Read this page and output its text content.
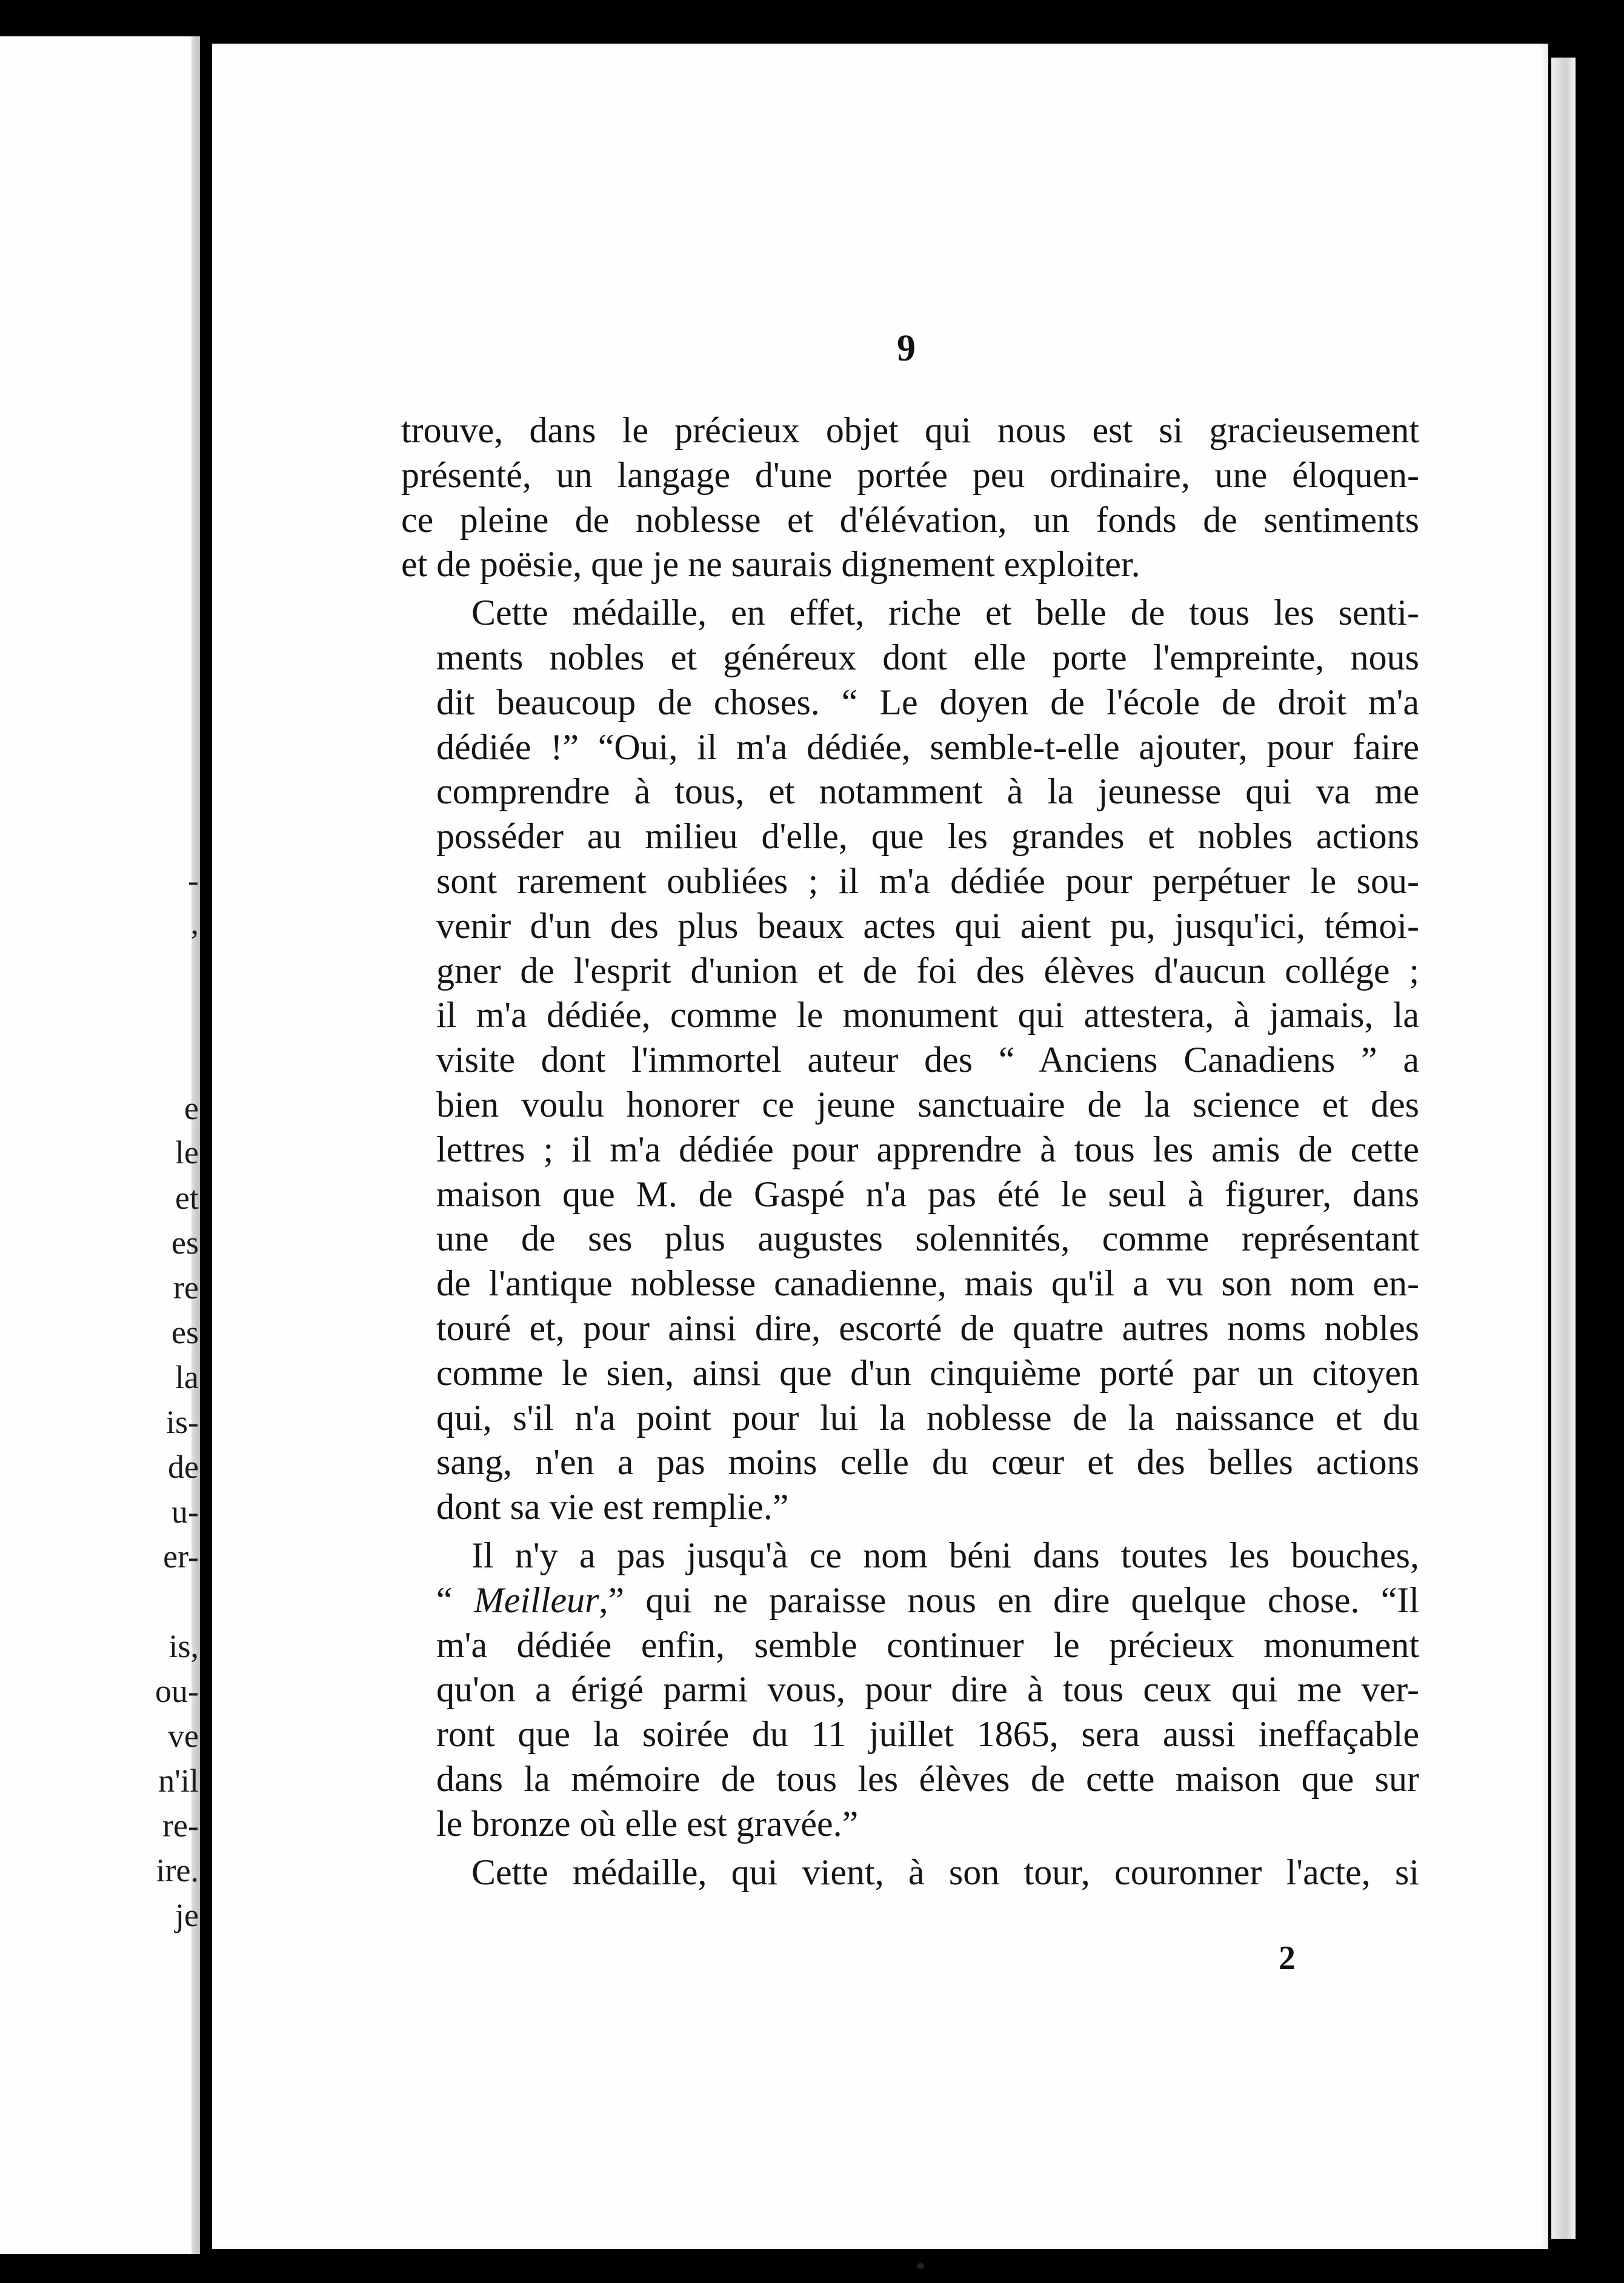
-
,
e
le
et
es
re
es
la
is-
de
u-
er-
is,
ou-
ve
n'il
re-
ire.
je
9

trouve, dans le précieux objet qui nous est si gracieusement
présenté, un langage d'une portée peu ordinaire, une éloquen-
ce pleine de noblesse et d'élévation, un fonds de sentiments
et de poësie, que je ne saurais dignement exploiter.

Cette médaille, en effet, riche et belle de tous les senti-
ments nobles et généreux dont elle porte l'empreinte, nous
dit beaucoup de choses. “ Le doyen de l'école de droit m'a
dédiée !” “Oui, il m'a dédiée, semble-t-elle ajouter, pour faire
comprendre à tous, et notamment à la jeunesse qui va me
posséder au milieu d'elle, que les grandes et nobles actions
sont rarement oubliées ; il m'a dédiée pour perpétuer le sou-
venir d'un des plus beaux actes qui aient pu, jusqu'ici, témoi-
gner de l'esprit d'union et de foi des élèves d'aucun collége ;
il m'a dédiée, comme le monument qui attestera, à jamais, la
visite dont l'immortel auteur des “ Anciens Canadiens ” a
bien voulu honorer ce jeune sanctuaire de la science et des
lettres ; il m'a dédiée pour apprendre à tous les amis de cette
maison que M. de Gaspé n'a pas été le seul à figurer, dans
une de ses plus augustes solennités, comme représentant
de l'antique noblesse canadienne, mais qu'il a vu son nom en-
touré et, pour ainsi dire, escorté de quatre autres noms nobles
comme le sien, ainsi que d'un cinquième porté par un citoyen
qui, s'il n'a point pour lui la noblesse de la naissance et du
sang, n'en a pas moins celle du cœur et des belles actions
dont sa vie est remplie.”

Il n'y a pas jusqu'à ce nom béni dans toutes les bouches,
“ Meilleur,” qui ne paraisse nous en dire quelque chose. “Il
m'a dédiée enfin, semble continuer le précieux monument
qu'on a érigé parmi vous, pour dire à tous ceux qui me ver-
ront que la soirée du 11 juillet 1865, sera aussi ineffaçable
dans la mémoire de tous les élèves de cette maison que sur
le bronze où elle est gravée.”

Cette médaille, qui vient, à son tour, couronner l'acte, si

2
